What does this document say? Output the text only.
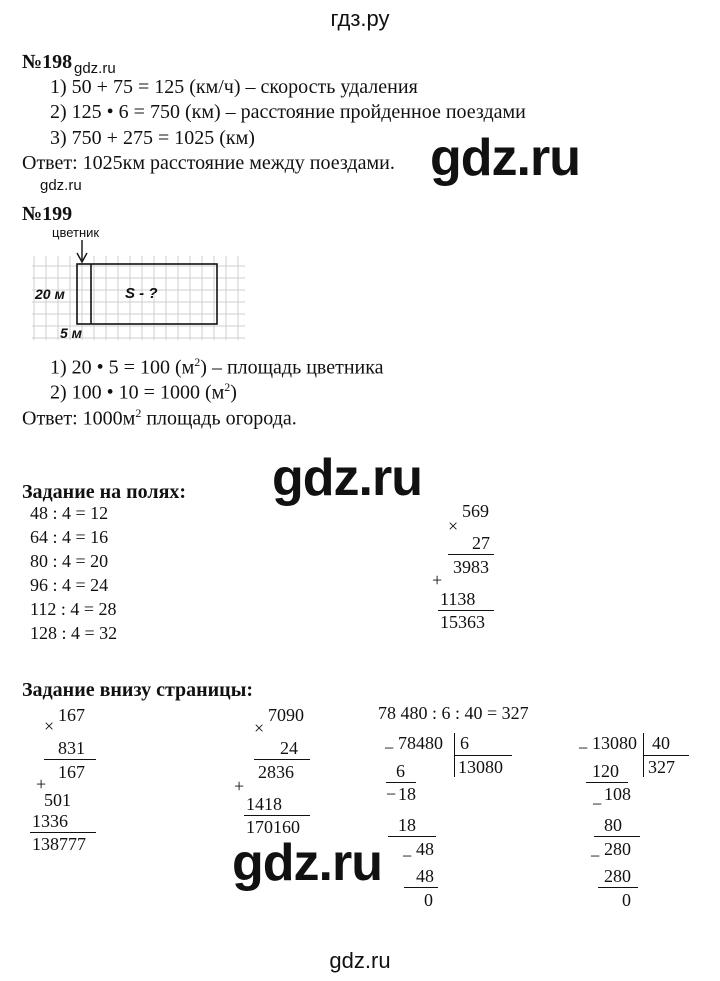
гдз.ру
№198 gdz.ru
1) 50 + 75 = 125 (км/ч) – скорость удаления
2) 125 • 6 = 750 (км) – расстояние пройденное поездами
3) 750 + 275 = 1025 (км)
Ответ: 1025км расстояние между поездами. gdz.ru
gdz.ru
№199
цветник
20 м	S - ?
5 м
1) 20 • 5 = 100 $(м^2)$ – площадь цветника
2) 100 • 10 = 1000 $(м^2)$
Ответ: $1000м^2$ площадь огорода.
gdz.ru
Задание на полях:
48 : 4 = 12
64 : 4 = 16
80 : 4 = 20
96 : 4 = 24
112 : 4 = 28
128 : 4 = 32
×
569
27
3983
+
1138
15363
Задание внизу страницы:
×
167
831
167
+
501
1336
138777
×
7090
24
2836
+
1418
170160
78 480 : 6 : 40 = 327
− 78480 6
13080
6
− 18
18
− 48
48
0
− 13080 40
327
120
− 108
80
− 280
280
0
gdz.ru
gdz.ru
